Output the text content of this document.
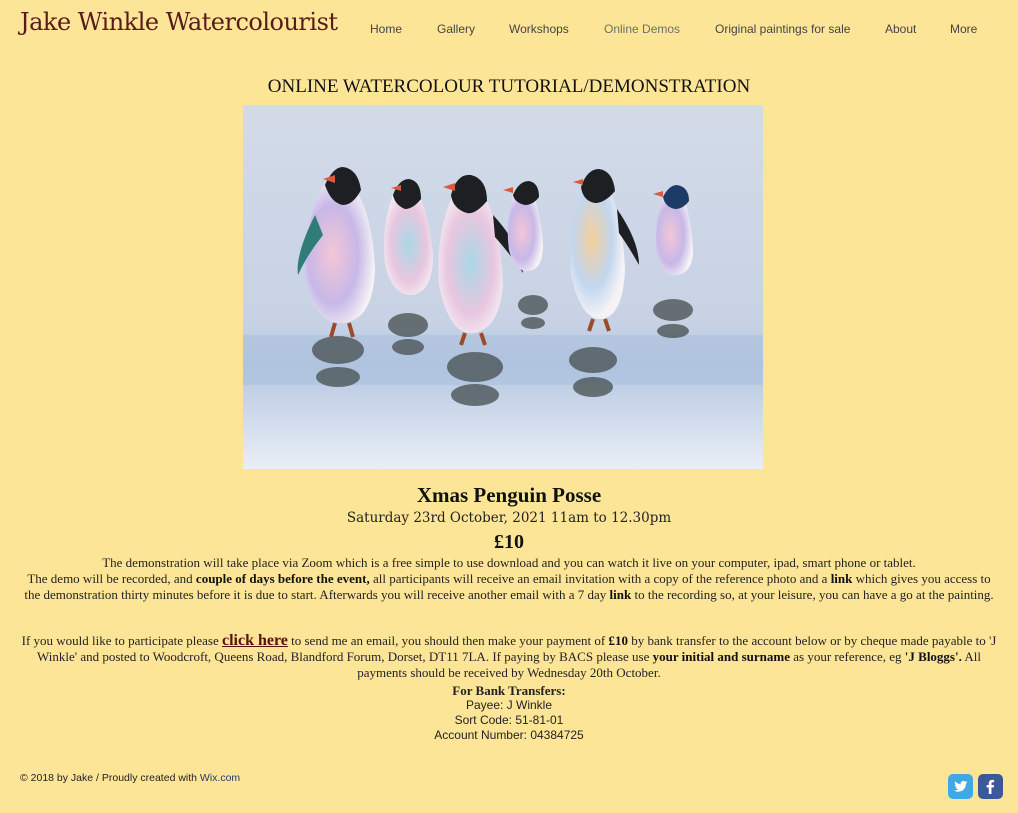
Jake Winkle Watercolourist	Home	Gallery	Workshops	Online Demos	Original paintings for sale	About	More
ONLINE WATERCOLOUR TUTORIAL/DEMONSTRATION
Xmas Penguin Posse
Saturday 23rd October, 2021 11am to 12.30pm
£10
The demonstration will take place via Zoom which is a free simple to use download and you can watch it live on your computer, ipad, smart phone or tablet.
The demo will be recorded, and couple of days before the event, all participants will receive an email invitation with a copy of the reference photo and a link which gives you access to the demonstration thirty minutes before it is due to start. Afterwards you will receive another email with a 7 day link to the recording so, at your leisure, you can have a go at the painting.
If you would like to participate please click here to send me an email, you should then make your payment of £10 by bank transfer to the account below or by cheque made payable to 'J Winkle' and posted to Woodcroft, Queens Road, Blandford Forum, Dorset, DT11 7LA. If paying by BACS please use your initial and surname as your reference, eg 'J Bloggs'. All payments should be received by Wednesday 20th October.
For Bank Transfers:
Payee: J Winkle
Sort Code: 51-81-01
Account Number: 04384725
© 2018 by Jake / Proudly created with Wix.com
